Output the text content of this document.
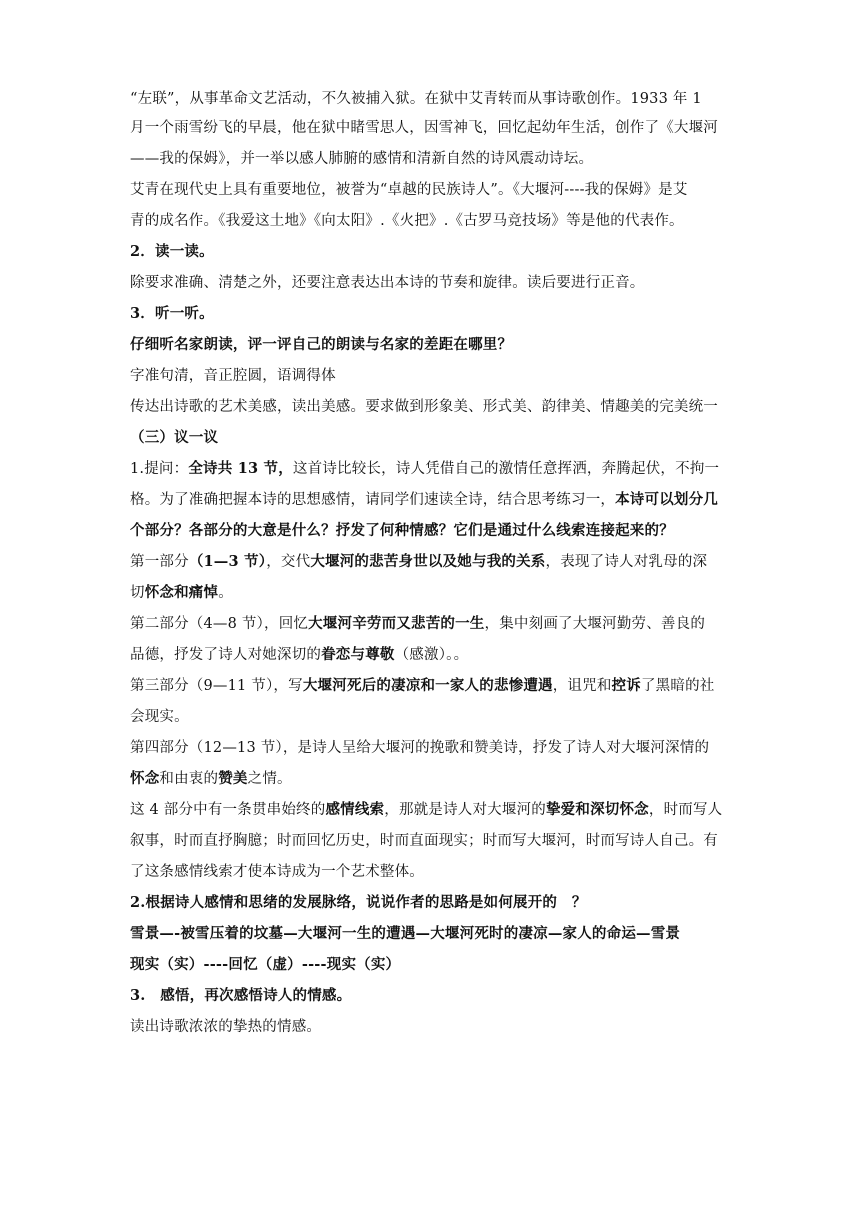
“左联”，从事革命文艺活动，不久被捕入狱。在狱中艾青转而从事诗歌创作。1933 年 1
月一个雨雪纷飞的早晨，他在狱中睹雪思人，因雪神飞，回忆起幼年生活，创作了《大堰河
——我的保姆》，并一举以感人肺腑的感情和清新自然的诗风震动诗坛。
艾青在现代史上具有重要地位，被誉为“卓越的民族诗人”。《大堰河----我的保姆》是艾
青的成名作。《我爱这土地》《向太阳》.《火把》.《古罗马竞技场》等是他的代表作。
2．读一读。
除要求准确、清楚之外，还要注意表达出本诗的节奏和旋律。读后要进行正音。
3．听一听。
仔细听名家朗读，评一评自己的朗读与名家的差距在哪里？
字准句清，音正腔圆，语调得体
传达出诗歌的艺术美感，读出美感。要求做到形象美、形式美、韵律美、情趣美的完美统一
（三）议一议
1.提问：全诗共 13 节，这首诗比较长，诗人凭借自己的激情任意挥洒，奔腾起伏，不拘一
格。为了准确把握本诗的思想感情，请同学们速读全诗，结合思考练习一，本诗可以划分几
个部分？各部分的大意是什么？抒发了何种情感？它们是通过什么线索连接起来的？
第一部分（1—3 节），交代大堰河的悲苦身世以及她与我的关系，表现了诗人对乳母的深
切怀念和痛悼。
第二部分（4—8 节），回忆大堰河辛劳而又悲苦的一生，集中刻画了大堰河勤劳、善良的
品德，抒发了诗人对她深切的眷恋与尊敬（感激）。。
第三部分（9—11 节），写大堰河死后的凄凉和一家人的悲惨遭遇，诅咒和控诉了黑暗的社
会现实。
第四部分（12—13 节），是诗人呈给大堰河的挽歌和赞美诗，抒发了诗人对大堰河深情的
怀念和由衷的赞美之情。
这 4 部分中有一条贯串始终的感情线索，那就是诗人对大堰河的挚爱和深切怀念，时而写人
叙事，时而直抒胸臆；时而回忆历史，时而直面现实；时而写大堰河，时而写诗人自己。有
了这条感情线索才使本诗成为一个艺术整体。
2.根据诗人感情和思绪的发展脉络，说说作者的思路是如何展开的　？
雪景—-被雪压着的坟墓—大堰河一生的遭遇—大堰河死时的凄凉—家人的命运—雪景
现实（实）----回忆（虚）----现实（实）
3.　感悟，再次感悟诗人的情感。
读出诗歌浓浓的挚热的情感。
